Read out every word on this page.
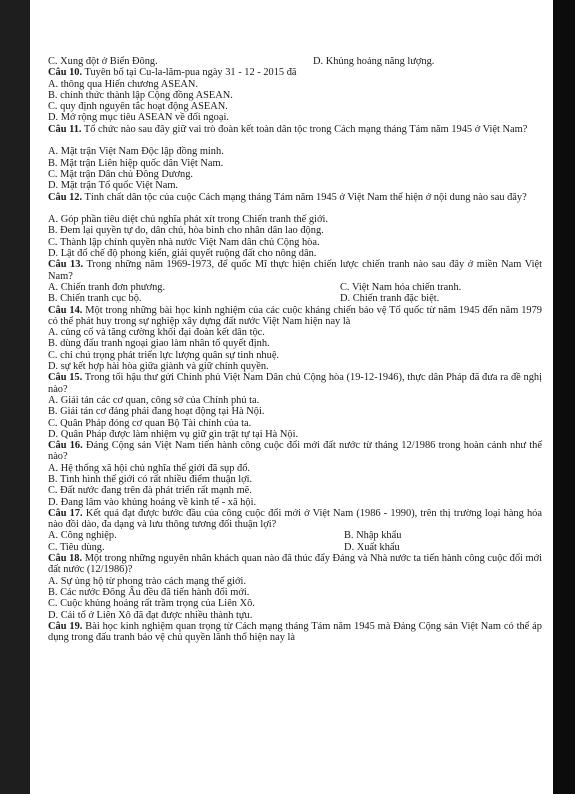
C. Xung đột ở Biển Đông.	D. Khủng hoảng năng lượng.
Câu 10. Tuyên bố tại Cu-la-lăm-pua ngày 31 - 12 - 2015 đã
A. thông qua Hiến chương ASEAN.
B. chính thức thành lập Cộng đồng ASEAN.
C. quy định nguyên tắc hoạt động ASEAN.
D. Mở rộng mục tiêu ASEAN về đối ngoại.
Câu 11. Tổ chức nào sau đây giữ vai trò đoàn kết toàn dân tộc trong Cách mạng tháng Tám năm 1945 ở Việt Nam?
A. Mặt trận Việt Nam Độc lập đồng minh.
B. Mặt trận Liên hiệp quốc dân Việt Nam.
C. Mặt trận Dân chủ Đông Dương.
D. Mặt trận Tổ quốc Việt Nam.
Câu 12. Tính chất dân tộc của cuộc Cách mạng tháng Tám năm 1945 ở Việt Nam thể hiện ở nội dung nào sau đây?
A. Góp phần tiêu diệt chủ nghĩa phát xít trong Chiến tranh thế giới.
B. Đem lại quyền tự do, dân chủ, hòa bình cho nhân dân lao động.
C. Thành lập chính quyền nhà nước Việt Nam dân chủ Cộng hòa.
D. Lật đổ chế độ phong kiến, giải quyết ruộng đất cho nông dân.
Câu 13. Trong những năm 1969-1973, để quốc Mĩ thực hiện chiến lược chiến tranh nào sau đây ở miền Nam Việt Nam?
A. Chiến tranh đơn phương.	C. Việt Nam hóa chiến tranh.
B. Chiến tranh cục bộ.	D. Chiến tranh đặc biệt.
Câu 14. Một trong những bài học kinh nghiệm của các cuộc kháng chiến bảo vệ Tổ quốc từ năm 1945 đến năm 1979 có thể phát huy trong sự nghiệp xây dựng đất nước Việt Nam hiện nay là
A. củng cố và tăng cường khối đại đoàn kết dân tộc.
B. dùng đấu tranh ngoại giao làm nhân tố quyết định.
C. chỉ chú trọng phát triển lực lượng quân sự tinh nhuệ.
D. sự kết hợp hài hòa giữa giành và giữ chính quyền.
Câu 15. Trong tối hậu thư gửi Chính phủ Việt Nam Dân chủ Cộng hòa (19-12-1946), thực dân Pháp đã đưa ra đề nghị nào?
A. Giải tán các cơ quan, công sở của Chính phủ ta.
B. Giải tán cơ đảng phái đang hoạt động tại Hà Nội.
C. Quân Pháp đóng cơ quan Bộ Tài chính của ta.
D. Quân Pháp được làm nhiệm vụ giữ gìn trật tự tại Hà Nội.
Câu 16. Đảng Cộng sản Việt Nam tiến hành công cuộc đổi mới đất nước từ tháng 12/1986 trong hoàn cảnh như thế nào?
A. Hệ thống xã hội chủ nghĩa thế giới đã sụp đổ.
B. Tình hình thế giới có rất nhiều điểm thuận lợi.
C. Đất nước đang trên đà phát triển rất mạnh mẽ.
D. Đang lâm vào khủng hoảng về kinh tế - xã hội.
Câu 17. Kết quả đạt được bước đầu của công cuộc đổi mới ở Việt Nam (1986 - 1990), trên thị trường loại hàng hóa nào đồi dào, đa dạng và lưu thông tương đối thuận lợi?
A. Công nghiệp.	B. Nhập khẩu
C. Tiêu dùng.	D. Xuất khẩu
Câu 18. Một trong những nguyên nhân khách quan nào đã thúc đẩy Đảng và Nhà nước ta tiến hành công cuộc đổi mới đất nước (12/1986)?
A. Sự ủng hộ từ phong trào cách mạng thế giới.
B. Các nước Đông Âu đều đã tiến hành đổi mới.
C. Cuộc khủng hoảng rất trầm trọng của Liên Xô.
D. Cải tổ ở Liên Xô đã đạt được nhiều thành tựu.
Câu 19. Bài học kinh nghiệm quan trọng từ Cách mạng tháng Tám năm 1945 mà Đảng Cộng sản Việt Nam có thể áp dụng trong đấu tranh bảo vệ chủ quyền lãnh thổ hiện nay là
